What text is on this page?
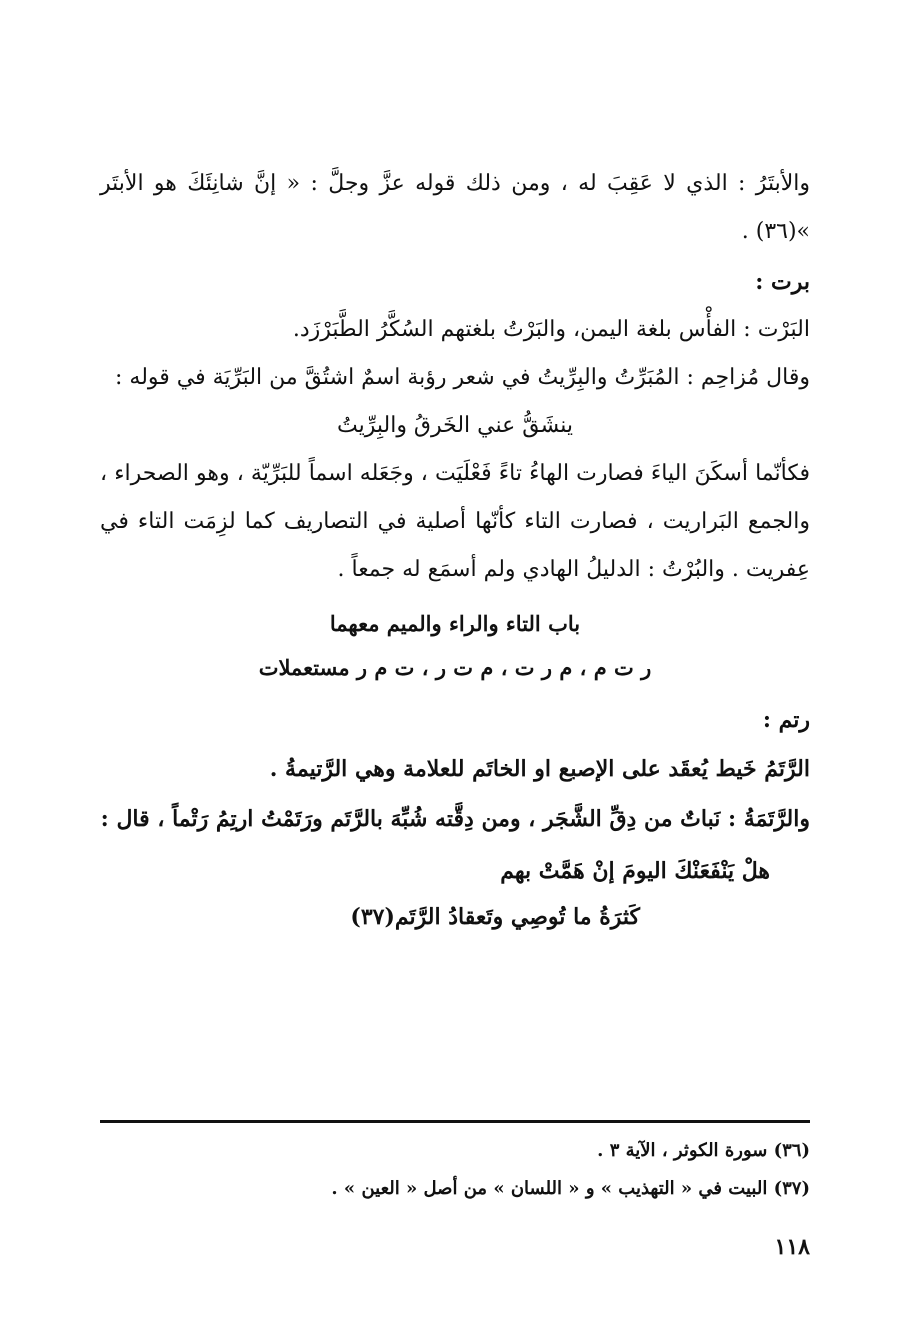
والأبتَرُ : الذي لا عَقِبَ له ، ومن ذلك قوله عزَّ وجلَّ : « إنَّ شانِئَكَ هو الأبتَر »(٣٦) .

برت :

البَرْت : الفأْس بلغة اليمن، والبَرْتُ بلغتهم السُكَّرُ الطَّبَرْزَد.

وقال مُزاحِم : المُبَرِّتُ والبِرِّيتُ في شعر رؤبة اسمٌ اشتُقَّ من البَرِّيَة في قوله :

ينشَقُّ عني الخَرقُ والبِرِّيتُ

فكأنّما أسكَنَ الياءَ فصارت الهاءُ تاءً فَعْلَيَت ، وجَعَله اسماً للبَرِّيّة ، وهو الصحراء ، والجمع البَراريت ، فصارت التاء كأنّها أصلية في التصاريف كما لزِمَت التاء في عِفريت . والبُرْتُ : الدليلُ الهادي ولم أسمَع له جمعاً .

باب التاء والراء والميم معهما
ر ت م ، م ر ت ، م ت ر ، ت م ر مستعملات
رتم :

الرَّتَمُ خَيط يُعقَد على الإصبع او الخاتَم للعلامة وهي الرَّتيمةُ .

والرَّتَمَةُ : نَباتٌ من دِقِّ الشَّجَر ، ومن دِقَّته شُبِّهَ بالرَّتَم ورَتَمْتُ ارتِمُ رَتْماً ، قال :

هلْ يَنْفَعَنْكَ اليومَ إنْ هَمَّتْ بهم

كَثرَةُ ما تُوصِي وتَعقادُ الرَّتَم(٣٧)

(٣٦) سورة الكوثر ، الآية ٣ .
(٣٧) البيت في « التهذيب » و « اللسان » من أصل « العين » .
١١٨
